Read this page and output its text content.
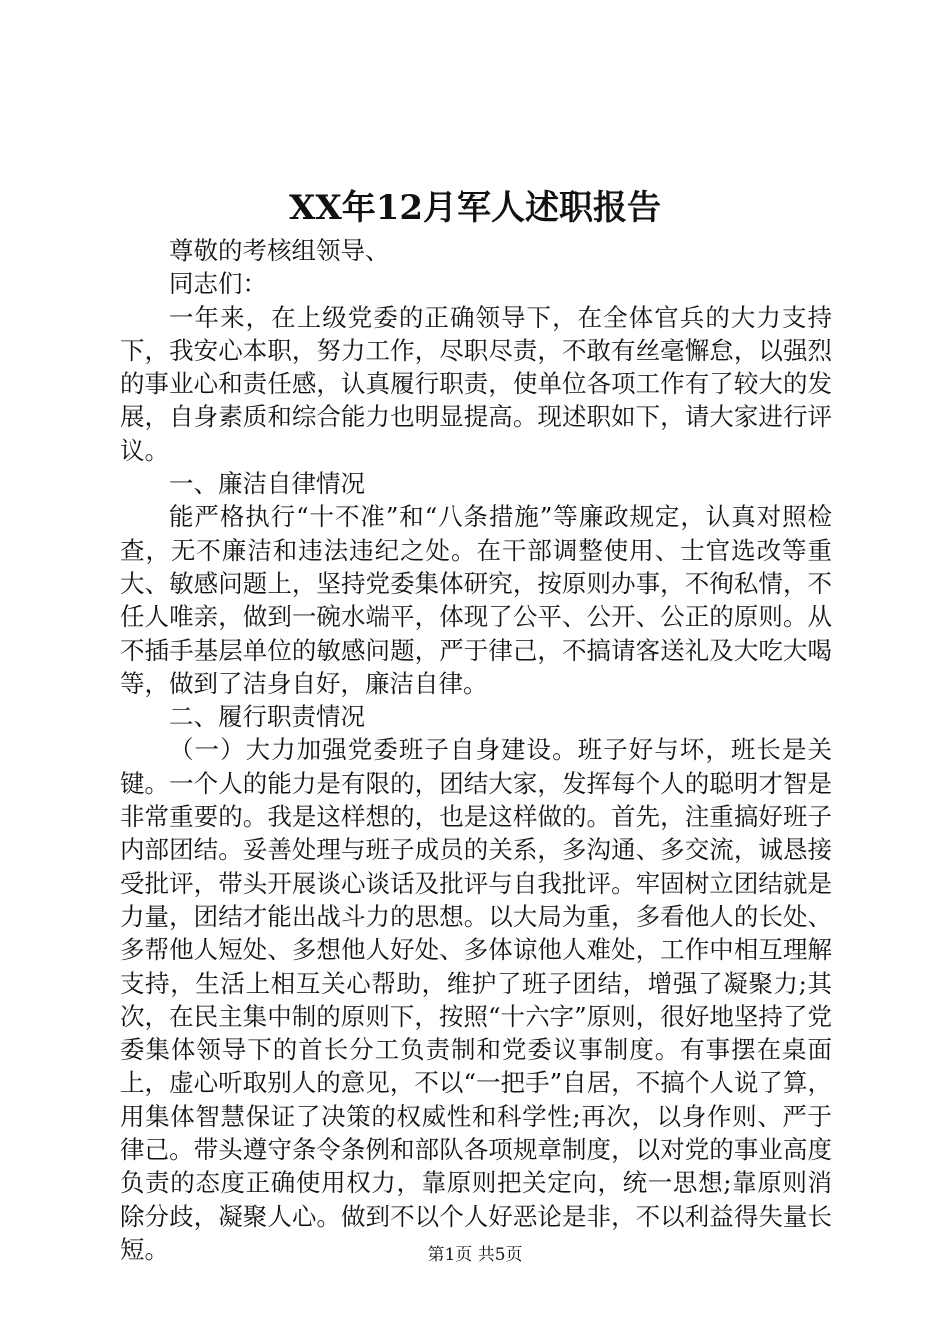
XX年12月军人述职报告

尊敬的考核组领导、

同志们：

一年来，在上级党委的正确领导下，在全体官兵的大力支持下，我安心本职，努力工作，尽职尽责，不敢有丝毫懈怠，以强烈的事业心和责任感，认真履行职责，使单位各项工作有了较大的发展，自身素质和综合能力也明显提高。现述职如下，请大家进行评议。

一、廉洁自律情况

能严格执行“十不准”和“八条措施”等廉政规定，认真对照检查，无不廉洁和违法违纪之处。在干部调整使用、士官选改等重大、敏感问题上，坚持党委集体研究，按原则办事，不徇私情，不任人唯亲，做到一碗水端平，体现了公平、公开、公正的原则。从不插手基层单位的敏感问题，严于律己，不搞请客送礼及大吃大喝等，做到了洁身自好，廉洁自律。

二、履行职责情况

（一）大力加强党委班子自身建设。班子好与坏，班长是关键。一个人的能力是有限的，团结大家，发挥每个人的聪明才智是非常重要的。我是这样想的，也是这样做的。首先，注重搞好班子内部团结。妥善处理与班子成员的关系，多沟通、多交流，诚恳接受批评，带头开展谈心谈话及批评与自我批评。牢固树立团结就是力量，团结才能出战斗力的思想。以大局为重，多看他人的长处、多帮他人短处、多想他人好处、多体谅他人难处，工作中相互理解支持，生活上相互关心帮助，维护了班子团结，增强了凝聚力;其次，在民主集中制的原则下，按照“十六字”原则，很好地坚持了党委集体领导下的首长分工负责制和党委议事制度。有事摆在桌面上，虚心听取别人的意见，不以“一把手”自居，不搞个人说了算，用集体智慧保证了决策的权威性和科学性;再次，以身作则、严于律己。带头遵守条令条例和部队各项规章制度，以对党的事业高度负责的态度正确使用权力，靠原则把关定向，统一思想;靠原则消除分歧，凝聚人心。做到不以个人好恶论是非，不以利益得失量长短。	第1页 共5页
